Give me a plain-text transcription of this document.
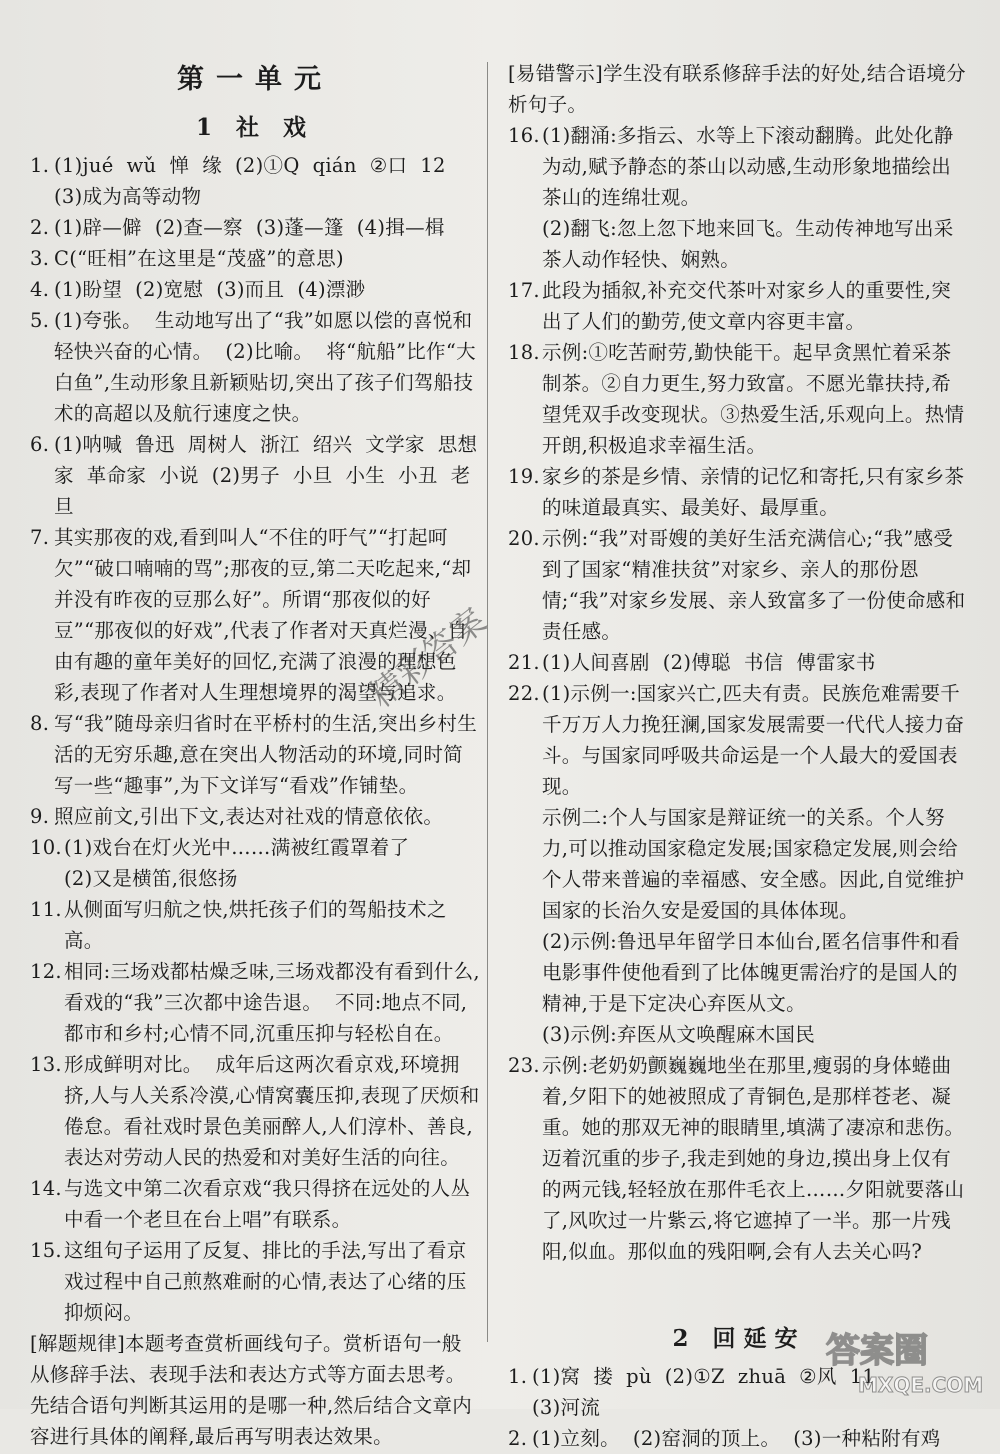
第一单元
1 社 戏
1. (1)jué  wǔ  惮  缘  (2)①Q  qián  ②口  12
(3)成为高等动物
2. (1)辟—僻  (2)查—察  (3)蓬—篷  (4)揖—楫
3. C(“旺相”在这里是“茂盛”的意思)
4. (1)盼望  (2)宽慰  (3)而且  (4)漂渺
5. (1)夸张。  生动地写出了“我”如愿以偿的喜悦和轻快兴奋的心情。  (2)比喻。  将“航船”比作“大白鱼”,生动形象且新颖贴切,突出了孩子们驾船技术的高超以及航行速度之快。
6. (1)呐喊  鲁迅  周树人  浙江  绍兴  文学家  思想家  革命家  小说  (2)男子  小旦  小生  小丑  老旦
7. 其实那夜的戏,看到叫人“不住的吁气”“打起呵欠”“破口喃喃的骂”;那夜的豆,第二天吃起来,“却并没有昨夜的豆那么好”。所谓“那夜似的好豆”“那夜似的好戏”,代表了作者对天真烂漫、自由有趣的童年美好的回忆,充满了浪漫的理想色彩,表现了作者对人生理想境界的渴望与追求。
8. 写“我”随母亲归省时在平桥村的生活,突出乡村生活的无穷乐趣,意在突出人物活动的环境,同时简写一些“趣事”,为下文详写“看戏”作铺垫。
9. 照应前文,引出下文,表达对社戏的情意依依。
10. (1)戏台在灯火光中……满被红霞罩着了
(2)又是横笛,很悠扬
11. 从侧面写归航之快,烘托孩子们的驾船技术之高。
12. 相同:三场戏都枯燥乏味,三场戏都没有看到什么,看戏的“我”三次都中途告退。  不同:地点不同,都市和乡村;心情不同,沉重压抑与轻松自在。
13. 形成鲜明对比。  成年后这两次看京戏,环境拥挤,人与人关系冷漠,心情窝囊压抑,表现了厌烦和倦怠。看社戏时景色美丽醉人,人们淳朴、善良,表达对劳动人民的热爱和对美好生活的向往。
14. 与选文中第二次看京戏“我只得挤在远处的人丛中看一个老旦在台上唱”有联系。
15. 这组句子运用了反复、排比的手法,写出了看京戏过程中自己煎熬难耐的心情,表达了心绪的压抑烦闷。
[解题规律]本题考查赏析画线句子。赏析语句一般从修辞手法、表现手法和表达方式等方面去思考。先结合语句判断其运用的是哪一种,然后结合文章内容进行具体的阐释,最后再写明表达效果。
[易错警示]学生没有联系修辞手法的好处,结合语境分析句子。
16. (1)翻涌:多指云、水等上下滚动翻腾。此处化静为动,赋予静态的茶山以动感,生动形象地描绘出茶山的连绵壮观。
(2)翻飞:忽上忽下地来回飞。生动传神地写出采茶人动作轻快、娴熟。
17. 此段为插叙,补充交代茶叶对家乡人的重要性,突出了人们的勤劳,使文章内容更丰富。
18. 示例:①吃苦耐劳,勤快能干。起早贪黑忙着采茶制茶。②自力更生,努力致富。不愿光靠扶持,希望凭双手改变现状。③热爱生活,乐观向上。热情开朗,积极追求幸福生活。
19. 家乡的茶是乡情、亲情的记忆和寄托,只有家乡茶的味道最真实、最美好、最厚重。
20. 示例:“我”对哥嫂的美好生活充满信心;“我”感受到了国家“精准扶贫”对家乡、亲人的那份恩情;“我”对家乡发展、亲人致富多了一份使命感和责任感。
21. (1)人间喜剧  (2)傅聪  书信  傅雷家书
22. (1)示例一:国家兴亡,匹夫有责。民族危难需要千千万万人力挽狂澜,国家发展需要一代代人接力奋斗。与国家同呼吸共命运是一个人最大的爱国表现。
示例二:个人与国家是辩证统一的关系。个人努力,可以推动国家稳定发展;国家稳定发展,则会给个人带来普遍的幸福感、安全感。因此,自觉维护国家的长治久安是爱国的具体体现。
(2)示例:鲁迅早年留学日本仙台,匿名信事件和看电影事件使他看到了比体魄更需治疗的是国人的精神,于是下定决心弃医从文。
(3)示例:弃医从文唤醒麻木国民
23. 示例:老奶奶颤巍巍地坐在那里,瘦弱的身体蜷曲着,夕阳下的她被照成了青铜色,是那样苍老、凝重。她的那双无神的眼睛里,填满了凄凉和悲伤。迈着沉重的步子,我走到她的身边,摸出身上仅有的两元钱,轻轻放在那件毛衣上……夕阳就要落山了,风吹过一片紫云,将它遮掉了一半。那一片残阳,似血。那似血的残阳啊,会有人去关心吗?
2 回延安
1. (1)窝  搂  pù  (2)①Z  zhuā  ②风  11
(3)河流
2. (1)立刻。  (2)窑洞的顶上。  (3)一种粘附有鸡
精彩答案
答案圈
MXQE.COM
